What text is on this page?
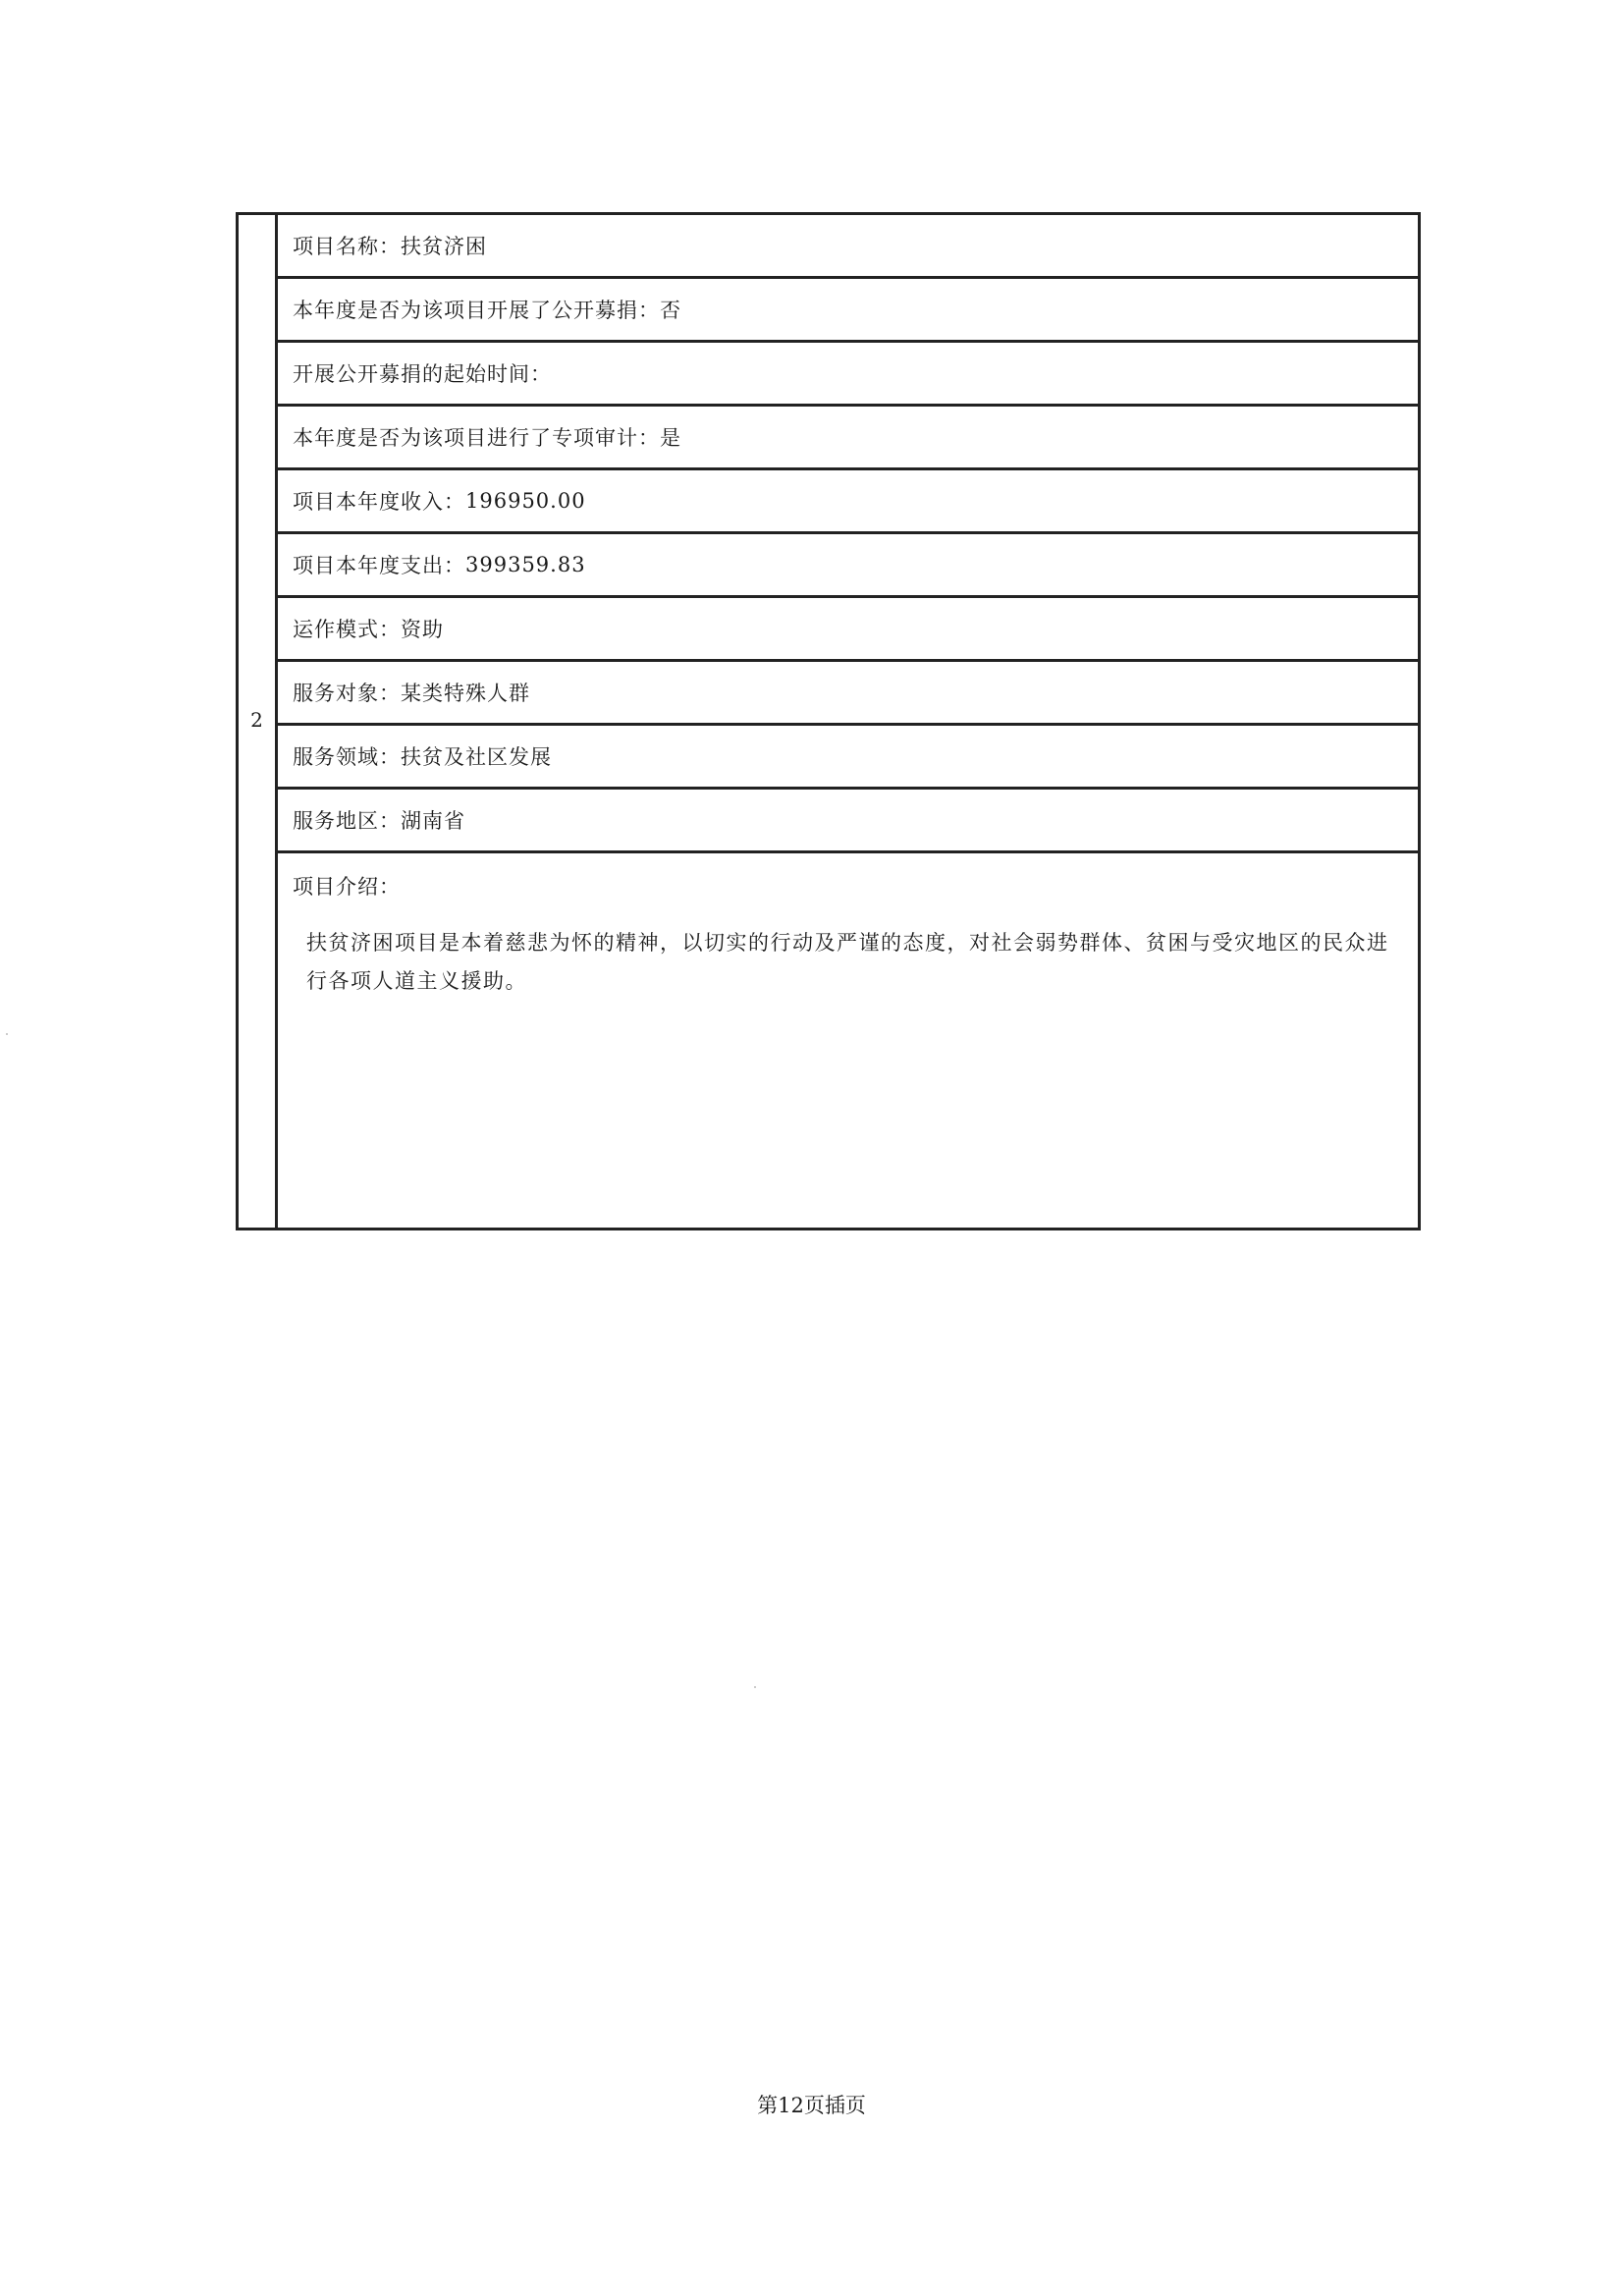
2
项目名称： 扶贫济困
本年度是否为该项目开展了公开募捐： 否
开展公开募捐的起始时间：
本年度是否为该项目进行了专项审计： 是
项目本年度收入： 196950.00
项目本年度支出： 399359.83
运作模式： 资助
服务对象： 某类特殊人群
服务领域： 扶贫及社区发展
服务地区： 湖南省
项目介绍：
扶贫济困项目是本着慈悲为怀的精神，以切实的行动及严谨的态度，对社会弱势群体、贫困与受灾地区的民众进行各项人道主义援助。
第12页插页
